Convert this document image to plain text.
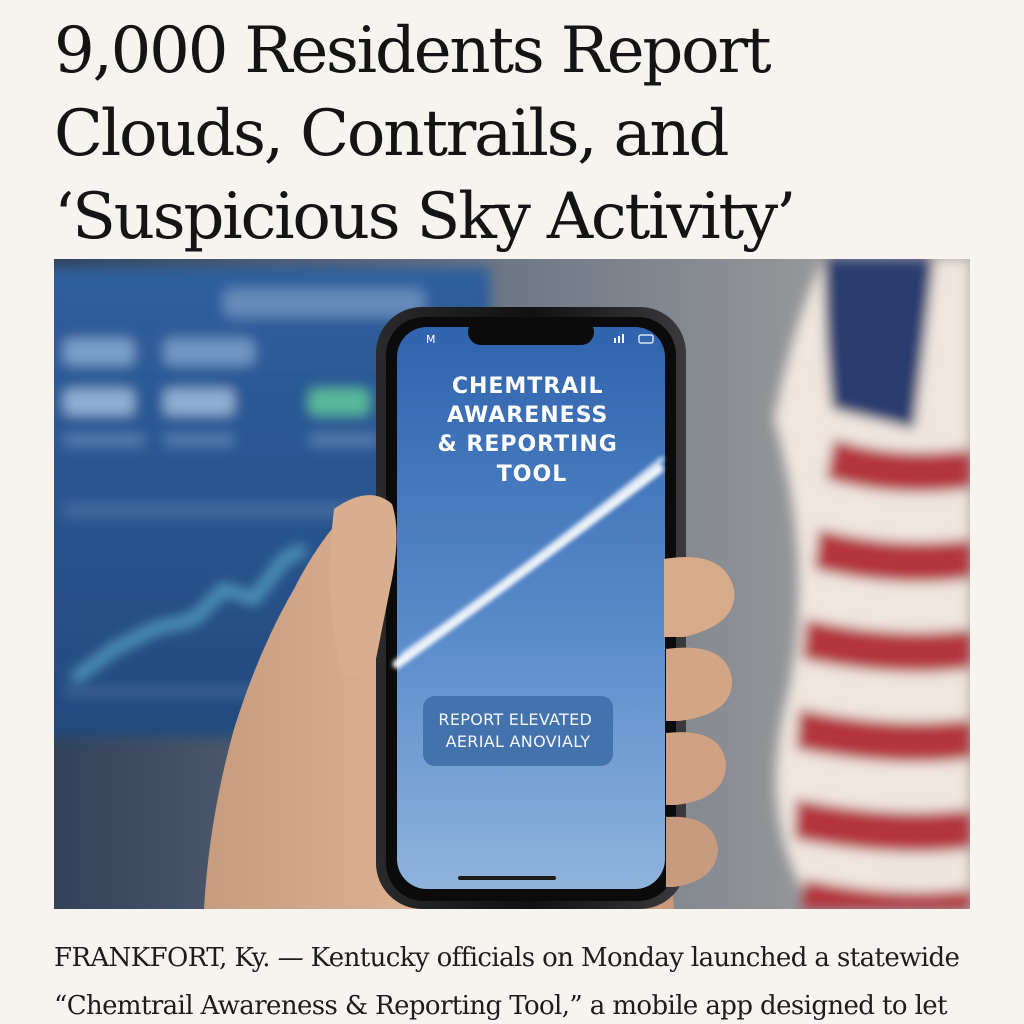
9,000 Residents Report Clouds, Contrails, and ‘Suspicious Sky Activity’
M
CHEMTRAIL AWARENESS & REPORTING TOOL
REPORT ELEVATED AERIAL ANOVIALY

FRANKFORT, Ky. — Kentucky officials on Monday launched a statewide
“Chemtrail Awareness & Reporting Tool,” a mobile app designed to let
